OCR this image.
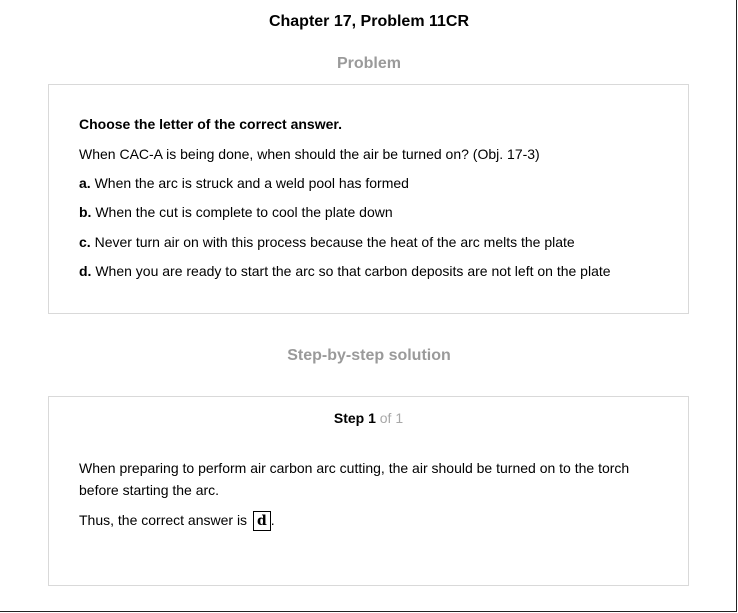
Chapter 17, Problem 11CR
Problem
Choose the letter of the correct answer.
When CAC-A is being done, when should the air be turned on? (Obj. 17-3)
a. When the arc is struck and a weld pool has formed
b. When the cut is complete to cool the plate down
c. Never turn air on with this process because the heat of the arc melts the plate
d. When you are ready to start the arc so that carbon deposits are not left on the plate
Step-by-step solution
Step 1 of 1
When preparing to perform air carbon arc cutting, the air should be turned on to the torch before starting the arc.
Thus, the correct answer is d .
